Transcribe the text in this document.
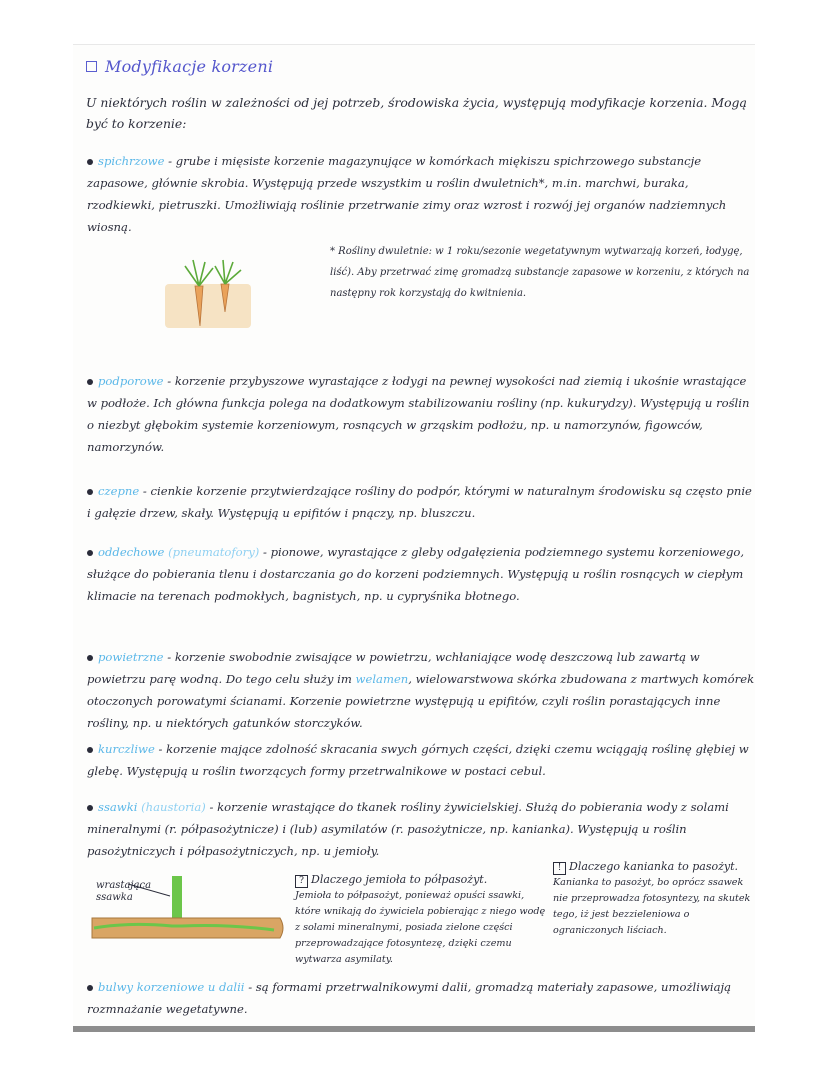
Modyfikacje korzeni
U niektórych roślin w zależności od jej potrzeb, środowiska życia, występują modyfikacje korzenia. Mogą być to korzenie:
spichrzowe - grube i mięsiste korzenie magazynujące w komórkach miękiszu spichrzowego substancje zapasowe, głównie skrobia. Występują przede wszystkim u roślin dwuletnich*, m.in. marchwi, buraka, rzodkiewki, pietruszki. Umożliwiają roślinie przetrwanie zimy oraz wzrost i rozwój jej organów nadziemnych wiosną.
* Rośliny dwuletnie: w 1 roku/sezonie wegetatywnym wytwarzają korzeń, łodygę, liść). Aby przetrwać zimę gromadzą substancje zapasowe w korzeniu, z których na następny rok korzystają do kwitnienia.
podporowe - korzenie przybyszowe wyrastające z łodygi na pewnej wysokości nad ziemią i ukośnie wrastające w podłoże. Ich główna funkcja polega na dodatkowym stabilizowaniu rośliny (np. kukurydzy). Występują u roślin o niezbyt głębokim systemie korzeniowym, rosnących w grząskim podłożu, np. u namorzynów, figowców, namorzynów.
czepne - cienkie korzenie przytwierdzające rośliny do podpór, którymi w naturalnym środowisku są często pnie i gałęzie drzew, skały. Występują u epifitów i pnączy, np. bluszczu.
oddechowe (pneumatofory) - pionowe, wyrastające z gleby odgałęzienia podziemnego systemu korzeniowego, służące do pobierania tlenu i dostarczania go do korzeni podziemnych. Występują u roślin rosnących w ciepłym klimacie na terenach podmokłych, bagnistych, np. u cypryśnika błotnego.
powietrzne - korzenie swobodnie zwisające w powietrzu, wchłaniające wodę deszczową lub zawartą w powietrzu parę wodną. Do tego celu służy im welamen, wielowarstwowa skórka zbudowana z martwych komórek otoczonych porowatymi ścianami. Korzenie powietrzne występują u epifitów, czyli roślin porastających inne rośliny, np. u niektórych gatunków storczyków.
kurczliwe - korzenie mające zdolność skracania swych górnych części, dzięki czemu wciągają roślinę głębiej w glebę. Występują u roślin tworzących formy przetrwalnikowe w postaci cebul.
ssawki (haustoria) - korzenie wrastające do tkanek rośliny żywicielskiej. Służą do pobierania wody z solami mineralnymi (r. półpasożytnicze) i (lub) asymilatów (r. pasożytnicze, np. kanianka). Występują u roślin pasożytniczych i półpasożytniczych, np. u jemioły.
wrastająca ssawka
? Dlaczego jemioła to półpasożyt.
Jemioła to półpasożyt, ponieważ opuści ssawki, które wnikają do żywiciela pobierając z niego wodę z solami mineralnymi, posiada zielone części przeprowadzające fotosyntezę, dzięki czemu wytwarza asymilaty.
! Dlaczego kanianka to pasożyt.
Kanianka to pasożyt, bo oprócz ssawek nie przeprowadza fotosyntezy, na skutek tego, iż jest bezzieleniowa o ograniczonych liściach.
bulwy korzeniowe u dalii - są formami przetrwalnikowymi dalii, gromadzą materiały zapasowe, umożliwiają rozmnażanie wegetatywne.
